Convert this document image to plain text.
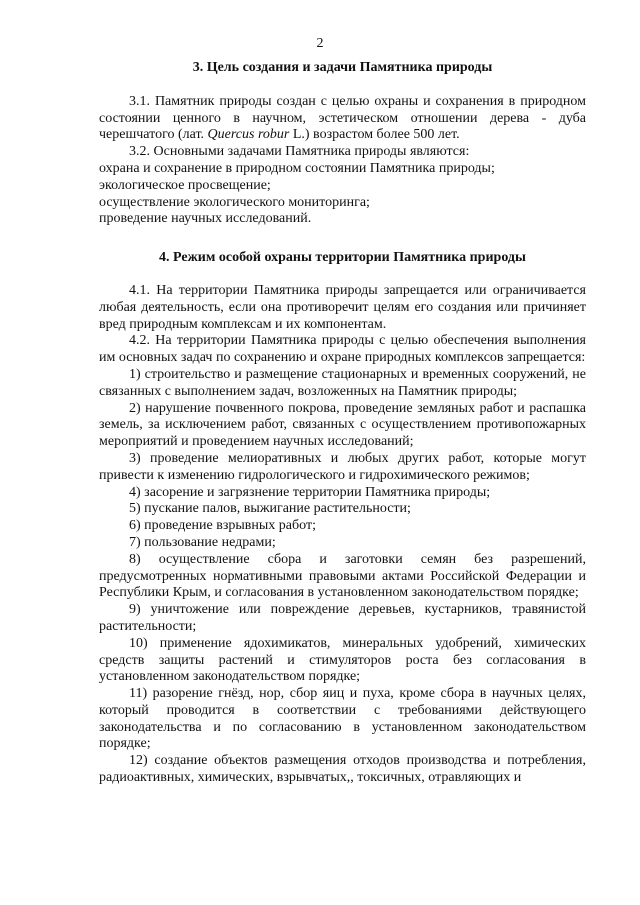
2
3. Цель создания и задачи Памятника природы

3.1. Памятник природы создан с целью охраны и сохранения в природном состоянии ценного в научном, эстетическом отношении дерева - дуба черешчатого (лат. Quercus robur L.) возрастом более 500 лет.

3.2. Основными задачами Памятника природы являются:

охрана и сохранение в природном состоянии Памятника природы;

экологическое просвещение;

осуществление экологического мониторинга;

проведение научных исследований.

4. Режим особой охраны территории Памятника природы

4.1. На территории Памятника природы запрещается или ограничивается любая деятельность, если она противоречит целям его создания или причиняет вред природным комплексам и их компонентам.

4.2. На территории Памятника природы с целью обеспечения выполнения им основных задач по сохранению и охране природных комплексов запрещается:

1) строительство и размещение стационарных и временных сооружений, не связанных с выполнением задач, возложенных на Памятник природы;

2) нарушение почвенного покрова, проведение земляных работ и распашка земель, за исключением работ, связанных с осуществлением противопожарных мероприятий и проведением научных исследований;

3) проведение мелиоративных и любых других работ, которые могут привести к изменению гидрологического и гидрохимического режимов;

4) засорение и загрязнение территории Памятника природы;

5) пускание палов, выжигание растительности;

6) проведение взрывных работ;

7) пользование недрами;

8) осуществление сбора и заготовки семян без разрешений, предусмотренных нормативными правовыми актами Российской Федерации и Республики Крым, и согласования в установленном законодательством порядке;

9) уничтожение или повреждение деревьев, кустарников, травянистой растительности;

10) применение ядохимикатов, минеральных удобрений, химических средств защиты растений и стимуляторов роста без согласования в установленном законодательством порядке;

11) разорение гнёзд, нор, сбор яиц и пуха, кроме сбора в научных целях, который проводится в соответствии с требованиями действующего законодательства и по согласованию в установленном законодательством порядке;

12) создание объектов размещения отходов производства и потребления, радиоактивных, химических, взрывчатых,, токсичных, отравляющих и
